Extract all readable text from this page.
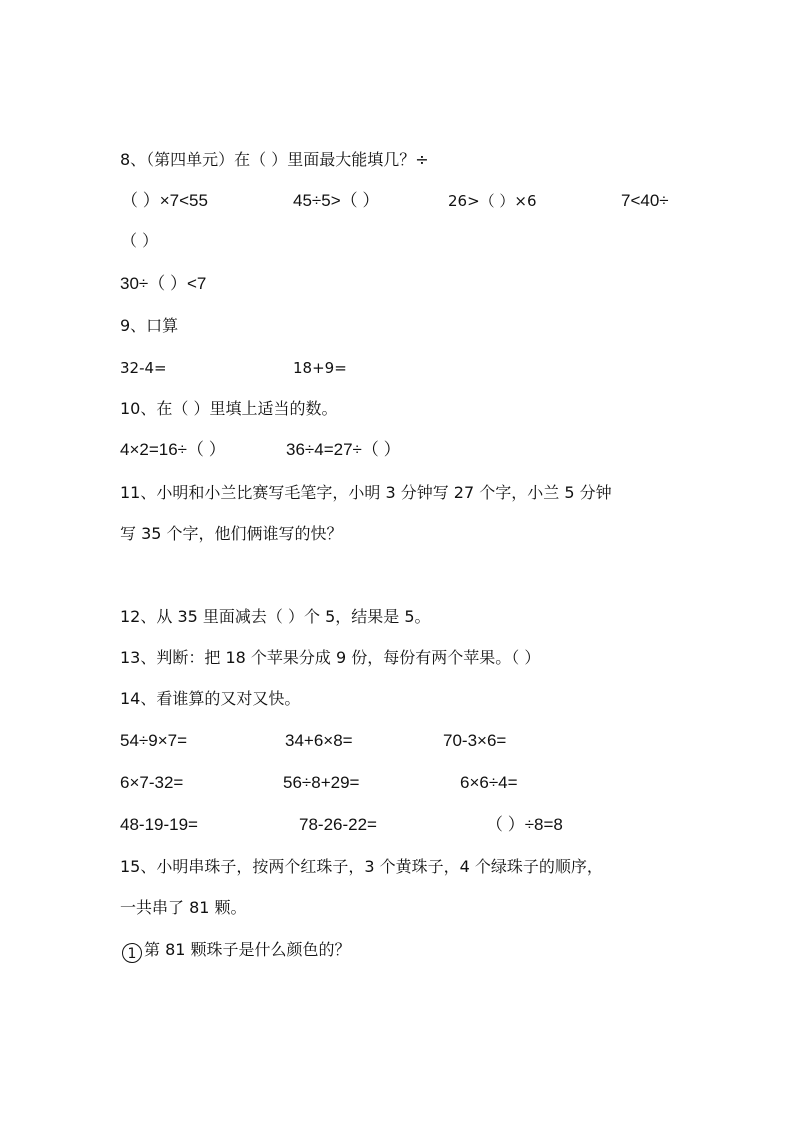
8、（第四单元）在（ ）里面最大能填几？÷
（ ）×7<55	45÷5>（ ）	26>（ ）×6	7<40÷
（ ）
30÷（ ）<7
9、口算
32-4=	18+9=
10、在（ ）里填上适当的数。
4×2=16÷（ ）	36÷4=27÷（ ）
11、小明和小兰比赛写毛笔字，小明 3 分钟写 27 个字，小兰 5 分钟
写 35 个字，他们俩谁写的快？
12、从 35 里面减去（ ）个 5，结果是 5。
13、判断：把 18 个苹果分成 9 份，每份有两个苹果。（ ）
14、看谁算的又对又快。
54÷9×7=	34+6×8=	70-3×6=
6×7-32=	56÷8+29=	6×6÷4=
48-19-19=	78-26-22=	（ ）÷8=8
15、小明串珠子，按两个红珠子，3 个黄珠子，4 个绿珠子的顺序，
一共串了 81 颗。
1 第 81 颗珠子是什么颜色的？
